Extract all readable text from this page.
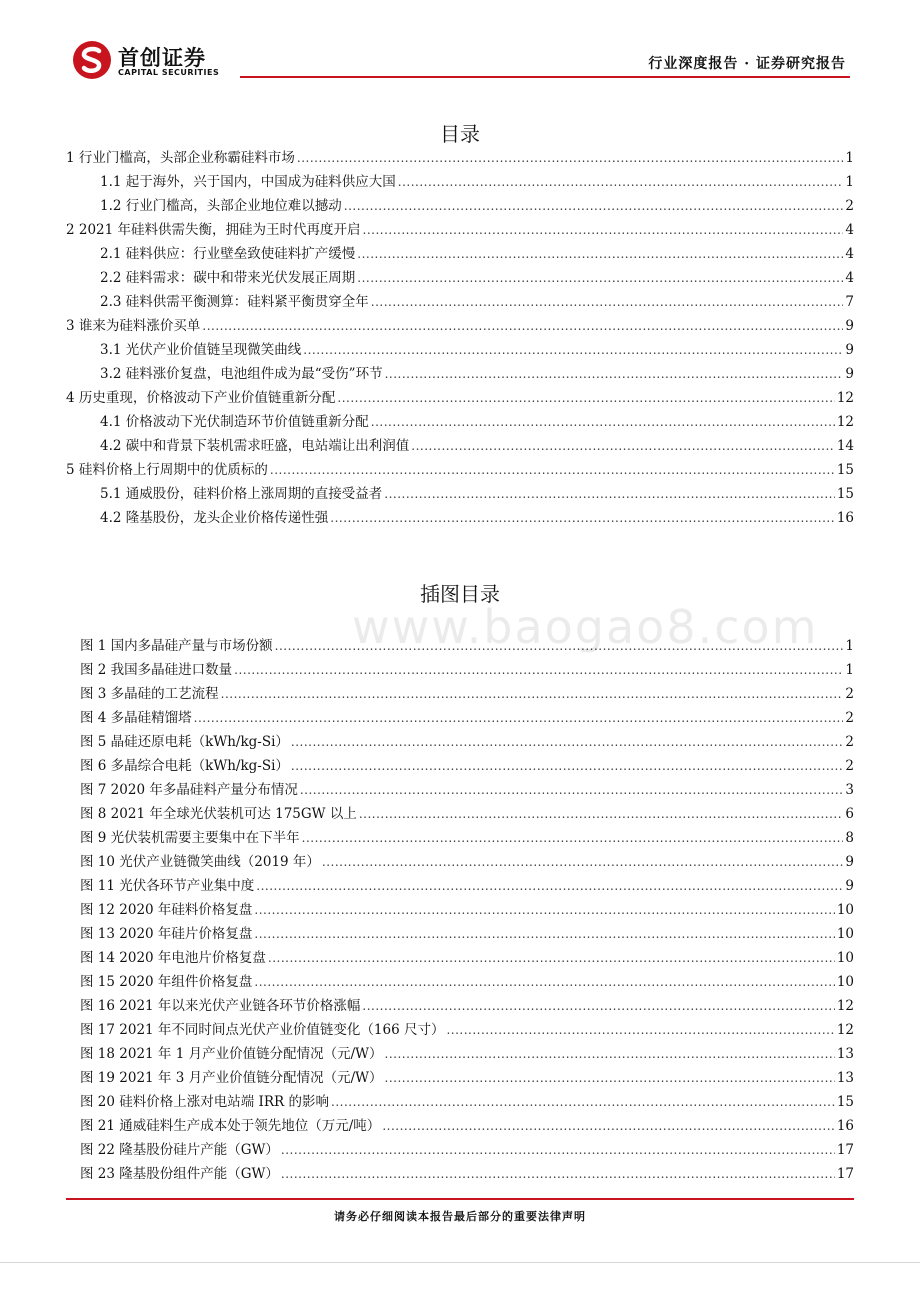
首创证券
CAPITAL SECURITIES
行业深度报告 · 证券研究报告
目录
1 行业门槛高，头部企业称霸硅料市场 .....	1
1.1 起于海外，兴于国内，中国成为硅料供应大国 .....	1
1.2 行业门槛高，头部企业地位难以撼动 .....	2
2 2021 年硅料供需失衡，拥硅为王时代再度开启 .....	4
2.1 硅料供应：行业壁垒致使硅料扩产缓慢 .....	4
2.2 硅料需求：碳中和带来光伏发展正周期 .....	4
2.3 硅料供需平衡测算：硅料紧平衡贯穿全年 .....	7
3 谁来为硅料涨价买单 .....	9
3.1 光伏产业价值链呈现微笑曲线 .....	9
3.2 硅料涨价复盘，电池组件成为最“受伤”环节 .....	9
4 历史重现，价格波动下产业价值链重新分配 .....	12
4.1 价格波动下光伏制造环节价值链重新分配 .....	12
4.2 碳中和背景下装机需求旺盛，电站端让出利润值 .....	14
5 硅料价格上行周期中的优质标的 .....	15
5.1 通威股份，硅料价格上涨周期的直接受益者 .....	15
4.2 隆基股份，龙头企业价格传递性强 .....	16
插图目录
图 1 国内多晶硅产量与市场份额 .....	1
图 2 我国多晶硅进口数量 .....	1
图 3 多晶硅的工艺流程 .....	2
图 4 多晶硅精馏塔 .....	2
图 5 晶硅还原电耗（kWh/kg-Si） .....	2
图 6 多晶综合电耗（kWh/kg-Si） .....	2
图 7 2020 年多晶硅料产量分布情况 .....	3
图 8 2021 年全球光伏装机可达 175GW 以上 .....	6
图 9 光伏装机需要主要集中在下半年 .....	8
图 10 光伏产业链微笑曲线（2019 年） .....	9
图 11 光伏各环节产业集中度 .....	9
图 12 2020 年硅料价格复盘 .....	10
图 13 2020 年硅片价格复盘 .....	10
图 14 2020 年电池片价格复盘 .....	10
图 15 2020 年组件价格复盘 .....	10
图 16 2021 年以来光伏产业链各环节价格涨幅 .....	12
图 17 2021 年不同时间点光伏产业价值链变化（166 尺寸） .....	12
图 18 2021 年 1 月产业价值链分配情况（元/W） .....	13
图 19 2021 年 3 月产业价值链分配情况（元/W） .....	13
图 20 硅料价格上涨对电站端 IRR 的影响 .....	15
图 21 通威硅料生产成本处于领先地位（万元/吨） .....	16
图 22 隆基股份硅片产能（GW） .....	17
图 23 隆基股份组件产能（GW） .....	17
www.baogao8.com
请务必仔细阅读本报告最后部分的重要法律声明
